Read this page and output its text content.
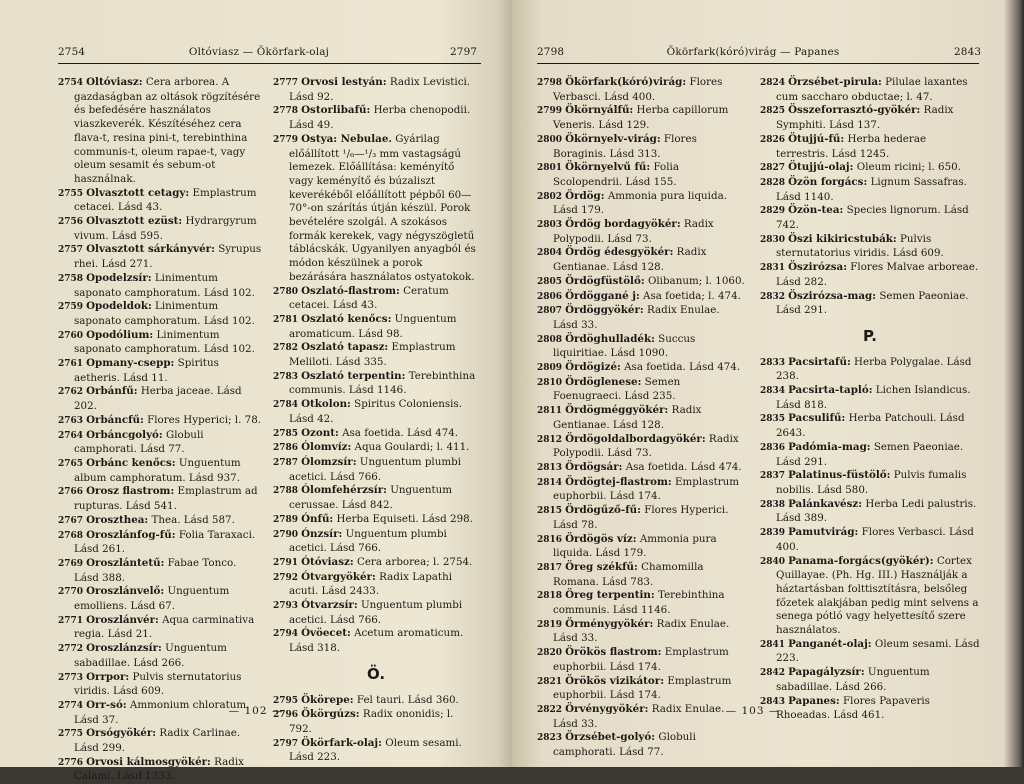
2754	Oltóviasz — Ökörfark-olaj	2797

2754 Oltóviasz: Cera arborea. A gazdaságban az oltások rögzítésére és befedésére használatos viaszkeverék. Készítéséhez cera flava-t, resina pini-t, terebinthina communis-t, oleum rapae-t, vagy oleum sesamit és sebum-ot használnak.

2755 Olvasztott cetagy: Emplastrum cetacei. Lásd 43.

2756 Olvasztott ezüst: Hydrargyrum vivum. Lásd 595.

2757 Olvasztott sárkányvér: Syrupus rhei. Lásd 271.

2758 Opodelzsír: Linimentum saponato camphoratum. Lásd 102.

2759 Opodeldok: Linimentum saponato camphoratum. Lásd 102.

2760 Opodólium: Linimentum saponato camphoratum. Lásd 102.

2761 Opmany-csepp: Spiritus aetheris. Lásd 11.

2762 Orbánfű: Herba jaceae. Lásd 202.

2763 Orbáncfű: Flores Hyperici; l. 78.

2764 Orbáncgolyó: Globuli camphorati. Lásd 77.

2765 Orbánc kenőcs: Unguentum album camphoratum. Lásd 937.

2766 Orosz flastrom: Emplastrum ad rupturas. Lásd 541.

2767 Oroszthea: Thea. Lásd 587.

2768 Oroszlánfog-fű: Folia Taraxaci. Lásd 261.

2769 Oroszlántetű: Fabae Tonco. Lásd 388.

2770 Oroszlánvelő: Unguentum emolliens. Lásd 67.

2771 Oroszlánvér: Aqua carminativa regia. Lásd 21.

2772 Oroszlánzsír: Unguentum sabadillae. Lásd 266.

2773 Orrpor: Pulvis sternutatorius viridis. Lásd 609.

2774 Orr-só: Ammonium chloratum. Lásd 37.

2775 Orsógyökér: Radix Carlinae. Lásd 299.

2776 Orvosi kálmosgyökér: Radix Calami. Lásd 1333.

2777 Orvosi lestyán: Radix Levistici. Lásd 92.

2778 Ostorlibafű: Herba chenopodii. Lásd 49.

2779 Ostya: Nebulae. Gyárilag előállított ¹/₆—¹/₃ mm vastagságú lemezek. Előállítása: keményítő vagy keményítő és búzaliszt keverékéből előállított pépből 60—70°-on szárítás útján készül. Porok bevételére szolgál. A szokásos formák kerekek, vagy négyszögletű táblácskák. Ugyanilyen anyagból és módon készülnek a porok bezárására használatos ostyatokok.

2780 Oszlató-flastrom: Ceratum cetacei. Lásd 43.

2781 Oszlató kenőcs: Unguentum aromaticum. Lásd 98.

2782 Oszlató tapasz: Emplastrum Meliloti. Lásd 335.

2783 Oszlató terpentin: Terebinthina communis. Lásd 1146.

2784 Otkolon: Spiritus Coloniensis. Lásd 42.

2785 Ozont: Asa foetida. Lásd 474.

2786 Ólomvíz: Aqua Goulardi; l. 411.

2787 Ólomzsír: Unguentum plumbi acetici. Lásd 766.

2788 Ólomfehérzsír: Unguentum cerussae. Lásd 842.

2789 Ónfű: Herba Equiseti. Lásd 298.

2790 Ónzsír: Unguentum plumbi acetici. Lásd 766.

2791 Ótóviasz: Cera arborea; l. 2754.

2792 Ótvargyökér: Radix Lapathi acuti. Lásd 2433.

2793 Ótvarzsír: Unguentum plumbi acetici. Lásd 766.

2794 Óvöecet: Acetum aromaticum. Lásd 318.

Ö.

2795 Ökörepe: Fel tauri. Lásd 360.

2796 Ökörgúzs: Radix ononidis; l. 792.

2797 Ökörfark-olaj: Oleum sesami. Lásd 223.

— 102 —
2798	Ökörfark(kóró)virág — Papanes	2843

2798 Ökörfark(kóró)virág: Flores Verbasci. Lásd 400.

2799 Ökörnyálfű: Herba capillorum Veneris. Lásd 129.

2800 Ökörnyelv-virág: Flores Boraginis. Lásd 313.

2801 Ökörnyelvű fű: Folia Scolopendrii. Lásd 155.

2802 Ördög: Ammonia pura liquida. Lásd 179.

2803 Ördög bordagyökér: Radix Polypodii. Lásd 73.

2804 Ördög édesgyökér: Radix Gentianae. Lásd 128.

2805 Ördögfüstölő: Olibanum; l. 1060.

2806 Ördöggané j: Asa foetida; l. 474.

2807 Ördöggyökér: Radix Enulae. Lásd 33.

2808 Ördöghulladék: Succus liquiritiae. Lásd 1090.

2809 Ördögizé: Asa foetida. Lásd 474.

2810 Ördöglenese: Semen Foenugraeci. Lásd 235.

2811 Ördögméggyökér: Radix Gentianae. Lásd 128.

2812 Ördögoldalbordagyökér: Radix Polypodii. Lásd 73.

2813 Ördögsár: Asa foetida. Lásd 474.

2814 Ördögtej-flastrom: Emplastrum euphorbii. Lásd 174.

2815 Ördögűző-fű: Flores Hyperici. Lásd 78.

2816 Ördögös víz: Ammonia pura liquida. Lásd 179.

2817 Öreg székfű: Chamomilla Romana. Lásd 783.

2818 Öreg terpentin: Terebinthina communis. Lásd 1146.

2819 Örménygyökér: Radix Enulae. Lásd 33.

2820 Örökös flastrom: Emplastrum euphorbii. Lásd 174.

2821 Örökös vizikátor: Emplastrum euphorbii. Lásd 174.

2822 Örvénygyökér: Radix Enulae. Lásd 33.

2823 Örzsébet-golyó: Globuli camphorati. Lásd 77.

2824 Örzsébet-pirula: Pilulae laxantes cum saccharo obductae; l. 47.

2825 Összeforrasztó-gyökér: Radix Symphiti. Lásd 137.

2826 Ötujjú-fű: Herba hederae terrestris. Lásd 1245.

2827 Ötujjú-olaj: Oleum ricini; l. 650.

2828 Özön forgács: Lignum Sassafras. Lásd 1140.

2829 Özön-tea: Species lignorum. Lásd 742.

2830 Öszi kikiricstubák: Pulvis sternutatorius viridis. Lásd 609.

2831 Öszirózsa: Flores Malvae arboreae. Lásd 282.

2832 Öszirózsa-mag: Semen Paeoniae. Lásd 291.

P.

2833 Pacsirtafű: Herba Polygalae. Lásd 238.

2834 Pacsirta-tapló: Lichen Islandicus. Lásd 818.

2835 Pacsulifű: Herba Patchouli. Lásd 2643.

2836 Padómia-mag: Semen Paeoniae. Lásd 291.

2837 Palatinus-füstölő: Pulvis fumalis nobilis. Lásd 580.

2838 Palánkavész: Herba Ledi palustris. Lásd 389.

2839 Pamutvirág: Flores Verbasci. Lásd 400.

2840 Panama-forgács(gyökér): Cortex Quillayae. (Ph. Hg. III.) Használják a háztartásban folttisztításra, belsőleg főzetek alakjában pedig mint selvens a senega pótló vagy helyettesítő szere használatos.

2841 Panganét-olaj: Oleum sesami. Lásd 223.

2842 Papagályzsír: Unguentum sabadillae. Lásd 266.

2843 Papanes: Flores Papaveris Rhoeadas. Lásd 461.

— 103 —
